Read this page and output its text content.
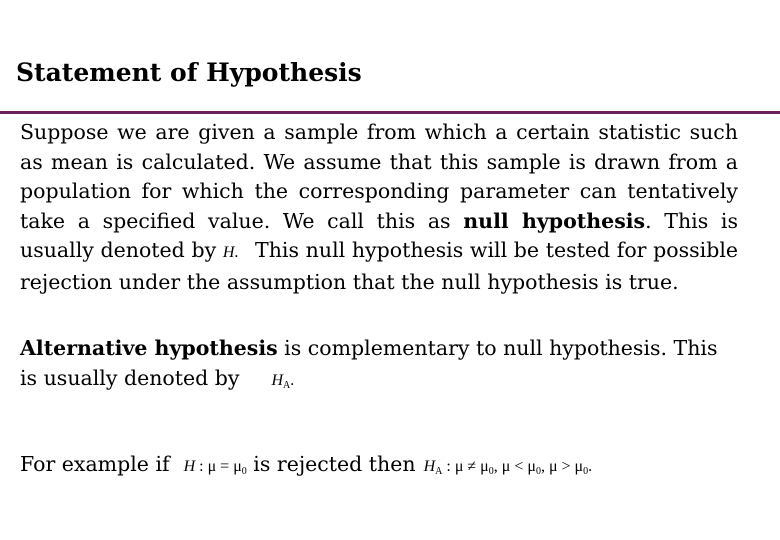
Statement of Hypothesis
Suppose we are given a sample from which a certain statistic such as mean is calculated. We assume that this sample is drawn from a population for which the corresponding parameter can tentatively take a specified value. We call this as null hypothesis. This is usually denoted by H. This null hypothesis will be tested for possible rejection under the assumption that the null hypothesis is true.
Alternative hypothesis is complementary to null hypothesis. This is usually denoted by $H_A$.
For example if H : $\mu = \mu_0$ is rejected then $H_A$ : $\mu \ne \mu_0$, $\mu < \mu_0$, $\mu > \mu_0$.
